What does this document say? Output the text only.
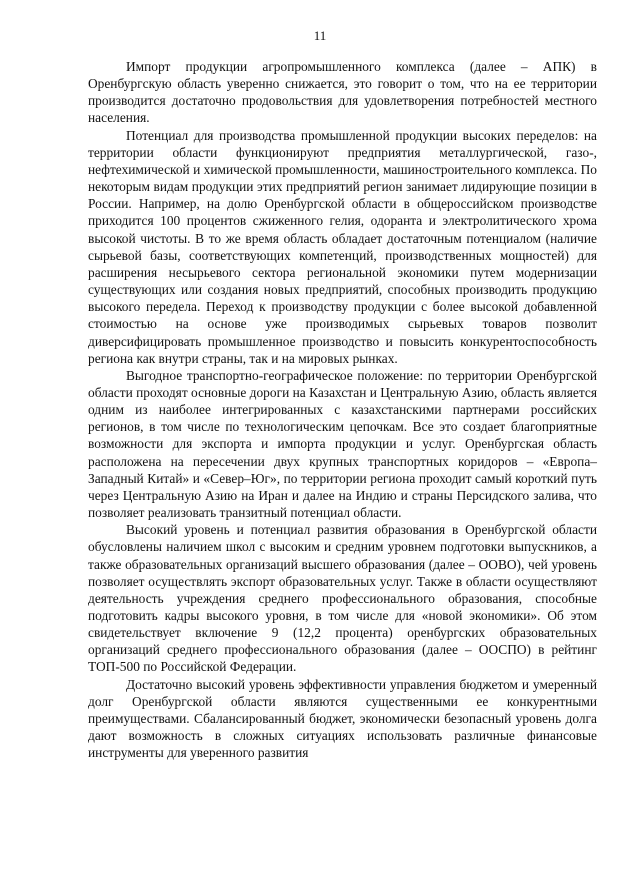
11

Импорт продукции агропромышленного комплекса (далее – АПК) в Оренбургскую область уверенно снижается, это говорит о том, что на ее территории производится достаточно продовольствия для удовлетворения потребностей местного населения.

Потенциал для производства промышленной продукции высоких переделов: на территории области функционируют предприятия металлургической, газо-, нефтехимической и химической промышленности, машиностроительного комплекса. По некоторым видам продукции этих предприятий регион занимает лидирующие позиции в России. Например, на долю Оренбургской области в общероссийском производстве приходится 100 процентов сжиженного гелия, одоранта и электролитического хрома высокой чистоты. В то же время область обладает достаточным потенциалом (наличие сырьевой базы, соответствующих компетенций, производственных мощностей) для расширения несырьевого сектора региональной экономики путем модернизации существующих или создания новых предприятий, способных производить продукцию высокого передела. Переход к производству продукции с более высокой добавленной стоимостью на основе уже производимых сырьевых товаров позволит диверсифицировать промышленное производство и повысить конкурентоспособность региона как внутри страны, так и на мировых рынках.

Выгодное транспортно-географическое положение: по территории Оренбургской области проходят основные дороги на Казахстан и Центральную Азию, область является одним из наиболее интегрированных с казахстанскими партнерами российских регионов, в том числе по технологическим цепочкам. Все это создает благоприятные возможности для экспорта и импорта продукции и услуг. Оренбургская область расположена на пересечении двух крупных транспортных коридоров – «Европа–Западный Китай» и «Север–Юг», по территории региона проходит самый короткий путь через Центральную Азию на Иран и далее на Индию и страны Персидского залива, что позволяет реализовать транзитный потенциал области.

Высокий уровень и потенциал развития образования в Оренбургской области обусловлены наличием школ с высоким и средним уровнем подготовки выпускников, а также образовательных организаций высшего образования (далее – ООВО), чей уровень позволяет осуществлять экспорт образовательных услуг. Также в области осуществляют деятельность учреждения среднего профессионального образования, способные подготовить кадры высокого уровня, в том числе для «новой экономики». Об этом свидетельствует включение 9 (12,2 процента) оренбургских образовательных организаций среднего профессионального образования (далее – ООСПО) в рейтинг ТОП-500 по Российской Федерации.

Достаточно высокий уровень эффективности управления бюджетом и умеренный долг Оренбургской области являются существенными ее конкурентными преимуществами. Сбалансированный бюджет, экономически безопасный уровень долга дают возможность в сложных ситуациях использовать различные финансовые инструменты для уверенного развития
